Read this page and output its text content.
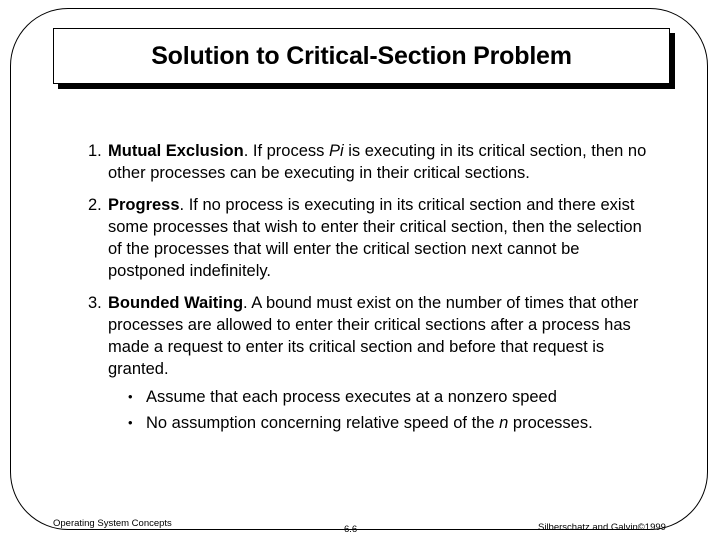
Solution to Critical-Section Problem
1. Mutual Exclusion. If process Pi is executing in its critical section, then no other processes can be executing in their critical sections.
2. Progress. If no process is executing in its critical section and there exist some processes that wish to enter their critical section, then the selection of the processes that will enter the critical section next cannot be postponed indefinitely.
3. Bounded Waiting. A bound must exist on the number of times that other processes are allowed to enter their critical sections after a process has made a request to enter its critical section and before that request is granted.
• Assume that each process executes at a nonzero speed
• No assumption concerning relative speed of the n processes.
Operating System Concepts
6.6	Silberschatz and Galvin©1999
